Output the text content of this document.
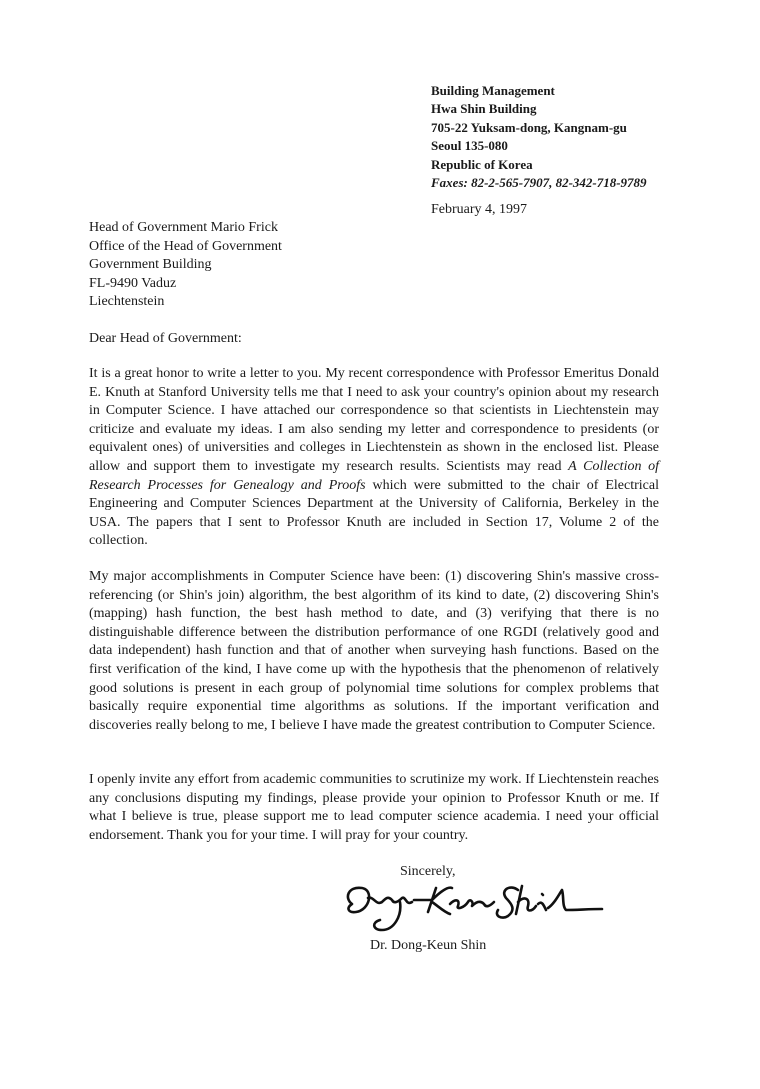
Building Management
Hwa Shin Building
705-22 Yuksam-dong, Kangnam-gu
Seoul 135-080
Republic of Korea
Faxes: 82-2-565-7907, 82-342-718-9789
February 4, 1997
Head of Government Mario Frick
Office of the Head of Government
Government Building
FL-9490 Vaduz
Liechtenstein
Dear Head of Government:

It is a great honor to write a letter to you. My recent correspondence with Professor Emeritus Donald E. Knuth at Stanford University tells me that I need to ask your country's opinion about my research in Computer Science. I have attached our correspondence so that scientists in Liechtenstein may criticize and evaluate my ideas. I am also sending my letter and correspondence to presidents (or equivalent ones) of universities and colleges in Liechtenstein as shown in the enclosed list. Please allow and support them to investigate my research results. Scientists may read A Collection of Research Processes for Genealogy and Proofs which were submitted to the chair of Electrical Engineering and Computer Sciences Department at the University of California, Berkeley in the USA. The papers that I sent to Professor Knuth are included in Section 17, Volume 2 of the collection.

My major accomplishments in Computer Science have been: (1) discovering Shin's massive cross-referencing (or Shin's join) algorithm, the best algorithm of its kind to date, (2) discovering Shin's (mapping) hash function, the best hash method to date, and (3) verifying that there is no distinguishable difference between the distribution performance of one RGDI (relatively good and data independent) hash function and that of another when surveying hash functions. Based on the first verification of the kind, I have come up with the hypothesis that the phenomenon of relatively good solutions is present in each group of polynomial time solutions for complex problems that basically require exponential time algorithms as solutions. If the important verification and discoveries really belong to me, I believe I have made the greatest contribution to Computer Science.

I openly invite any effort from academic communities to scrutinize my work. If Liechtenstein reaches any conclusions disputing my findings, please provide your opinion to Professor Knuth or me. If what I believe is true, please support me to lead computer science academia. I need your official endorsement. Thank you for your time. I will pray for your country.

Sincerely,
Dr. Dong-Keun Shin
